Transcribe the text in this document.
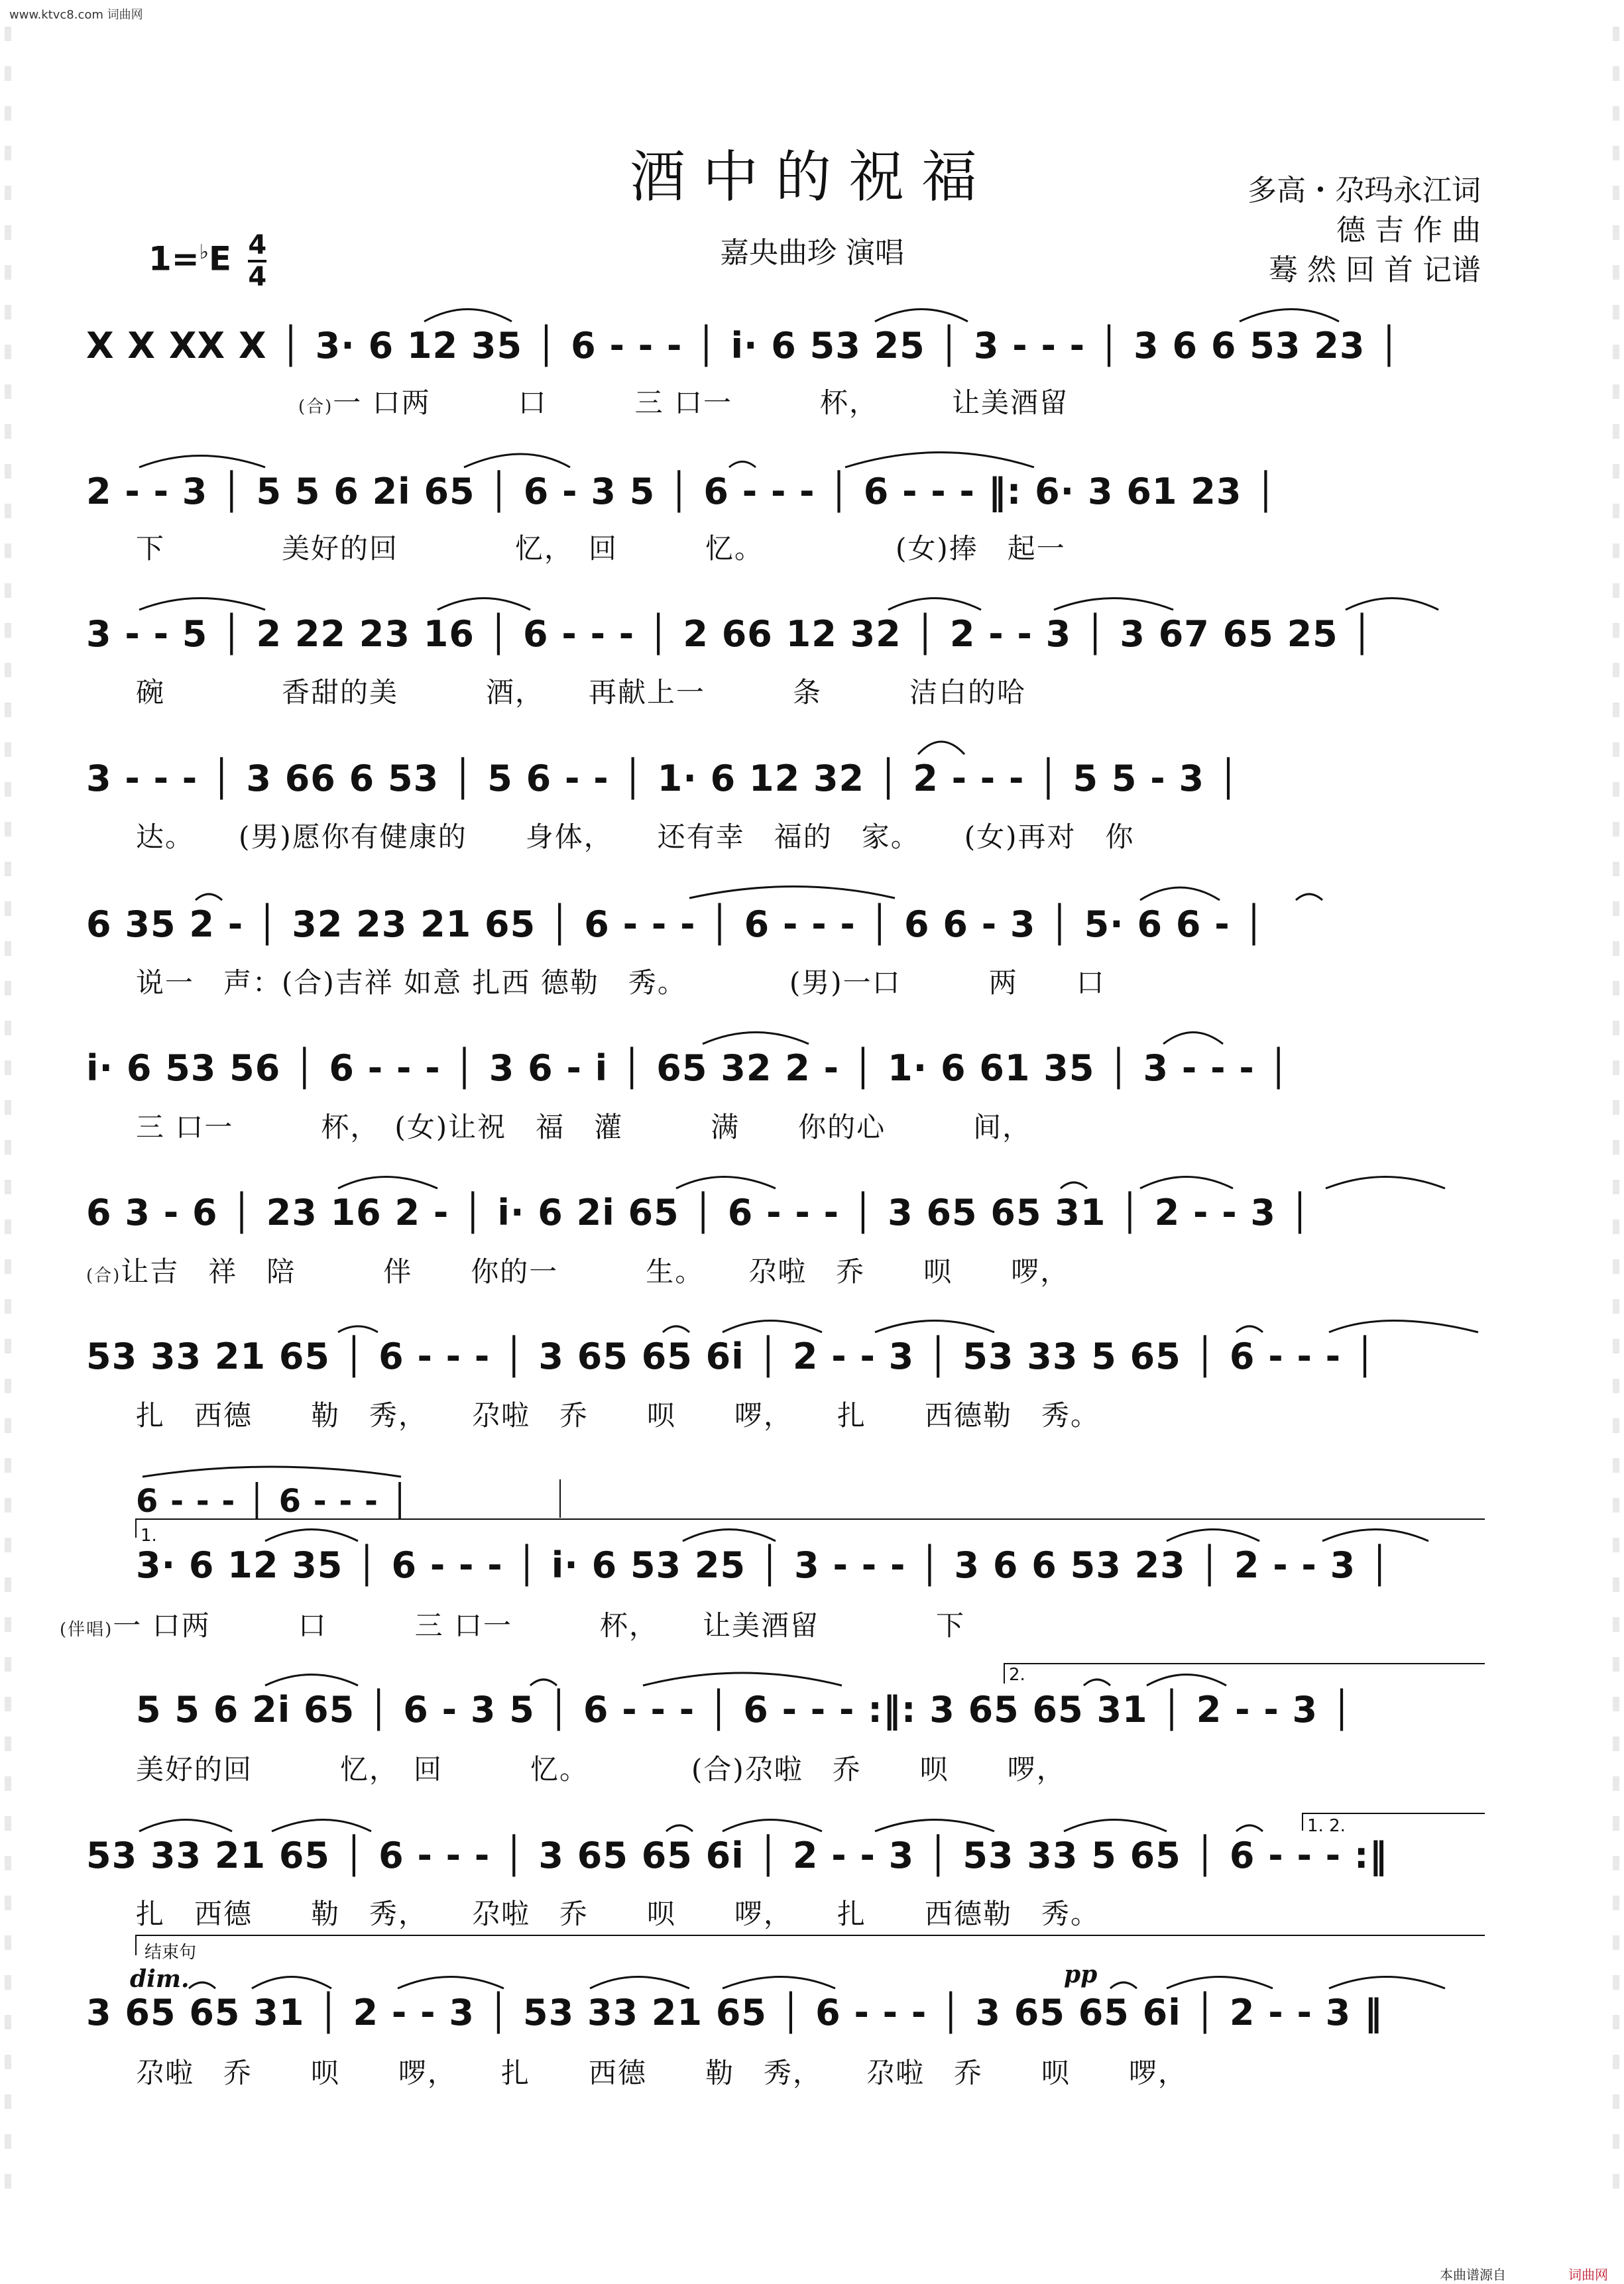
www.ktvc8.com 词曲网
酒中的祝福	多高・尕玛永江词
德 吉 作 曲
蓦 然 回 首 记谱
$1=^♭E \frac{4}{4}$	嘉央曲珍 演唱
X X XX X │ 3· 6 12 35 │ 6 - - - │ i· 6 53 25 │ 3 - - - │ 3 6 6 53 23 │
(合)一 口两　　　口　　　三 口一　　　杯，　　　让美酒留
2 - - 3 │ 5 5 6 2i 65 │ 6 - 3 5 │ 6 - - - │ 6 - - - ‖: 6· 3 61 23 │
下　　　　美好的回　　　　忆，　回　　　忆。　　　　　(女)捧　起一
3 - - 5 │ 2 22 23 16 │ 6 - - - │ 2 66 12 32 │ 2 - - 3 │ 3 67 65 25 │
碗　　　　香甜的美　　　酒，　　再献上一　　　条　　　洁白的哈
3 - - - │ 3 66 6 53 │ 5 6 - - │ 1· 6 12 32 │ 2 - - - │ 5 5 - 3 │
达。　　(男)愿你有健康的　　身体，　　还有幸　福的　家。　　(女)再对　你
6 35 2 - │ 32 23 21 65 │ 6 - - - │ 6 - - - │ 6 6 - 3 │ 5· 6 6 - │
说一　声：(合)吉祥 如意 扎西 德勒　秀。　　　　(男)一口　　　两　　口
i· 6 53 56 │ 6 - - - │ 3 6 - i │ 65 32 2 - │ 1· 6 61 35 │ 3 - - - │
三 口一　　　杯，　(女)让祝　福　灌　　　满　　你的心　　　间，
6 3 - 6 │ 23 16 2 - │ i· 6 2i 65 │ 6 - - - │ 3 65 65 31 │ 2 - - 3 │
(合)让吉　祥　陪　　　伴　　你的一　　　生。　　尕啦　乔　　呗　　啰，
53 33 21 65 │ 6 - - - │ 3 65 65 6i │ 2 - - 3 │ 53 33 5 65 │ 6 - - - │
扎　西德　　勒　秀，　　尕啦　乔　　呗　　啰，　　扎　　西德勒　秀。
6 - - - │ 6 - - - │
1.
3· 6 12 35 │ 6 - - - │ i· 6 53 25 │ 3 - - - │ 3 6 6 53 23 │ 2 - - 3 │
(伴唱)一 口两　　　口　　　三 口一　　　杯，　　让美酒留　　　　下
2.
5 5 6 2i 65 │ 6 - 3 5 │ 6 - - - │ 6 - - - :‖: 3 65 65 31 │ 2 - - 3 │
美好的回　　　忆，　回　　　忆。　　　　(合)尕啦　乔　　呗　　啰，
1. 2.
53 33 21 65 │ 6 - - - │ 3 65 65 6i │ 2 - - 3 │ 53 33 5 65 │ 6 - - - :‖
扎　西德　　勒　秀，　　尕啦　乔　　呗　　啰，　　扎　　西德勒　秀。
结束句
dim.	pp
3 65 65 31 │ 2 - - 3 │ 53 33 21 65 │ 6 - - - │ 3 65 65 6i │ 2 - - 3 ‖
尕啦　乔　　呗　　啰，　　扎　　西德　　勒　秀，　　尕啦　乔　　呗　　啰，
本曲谱源自	词曲网
